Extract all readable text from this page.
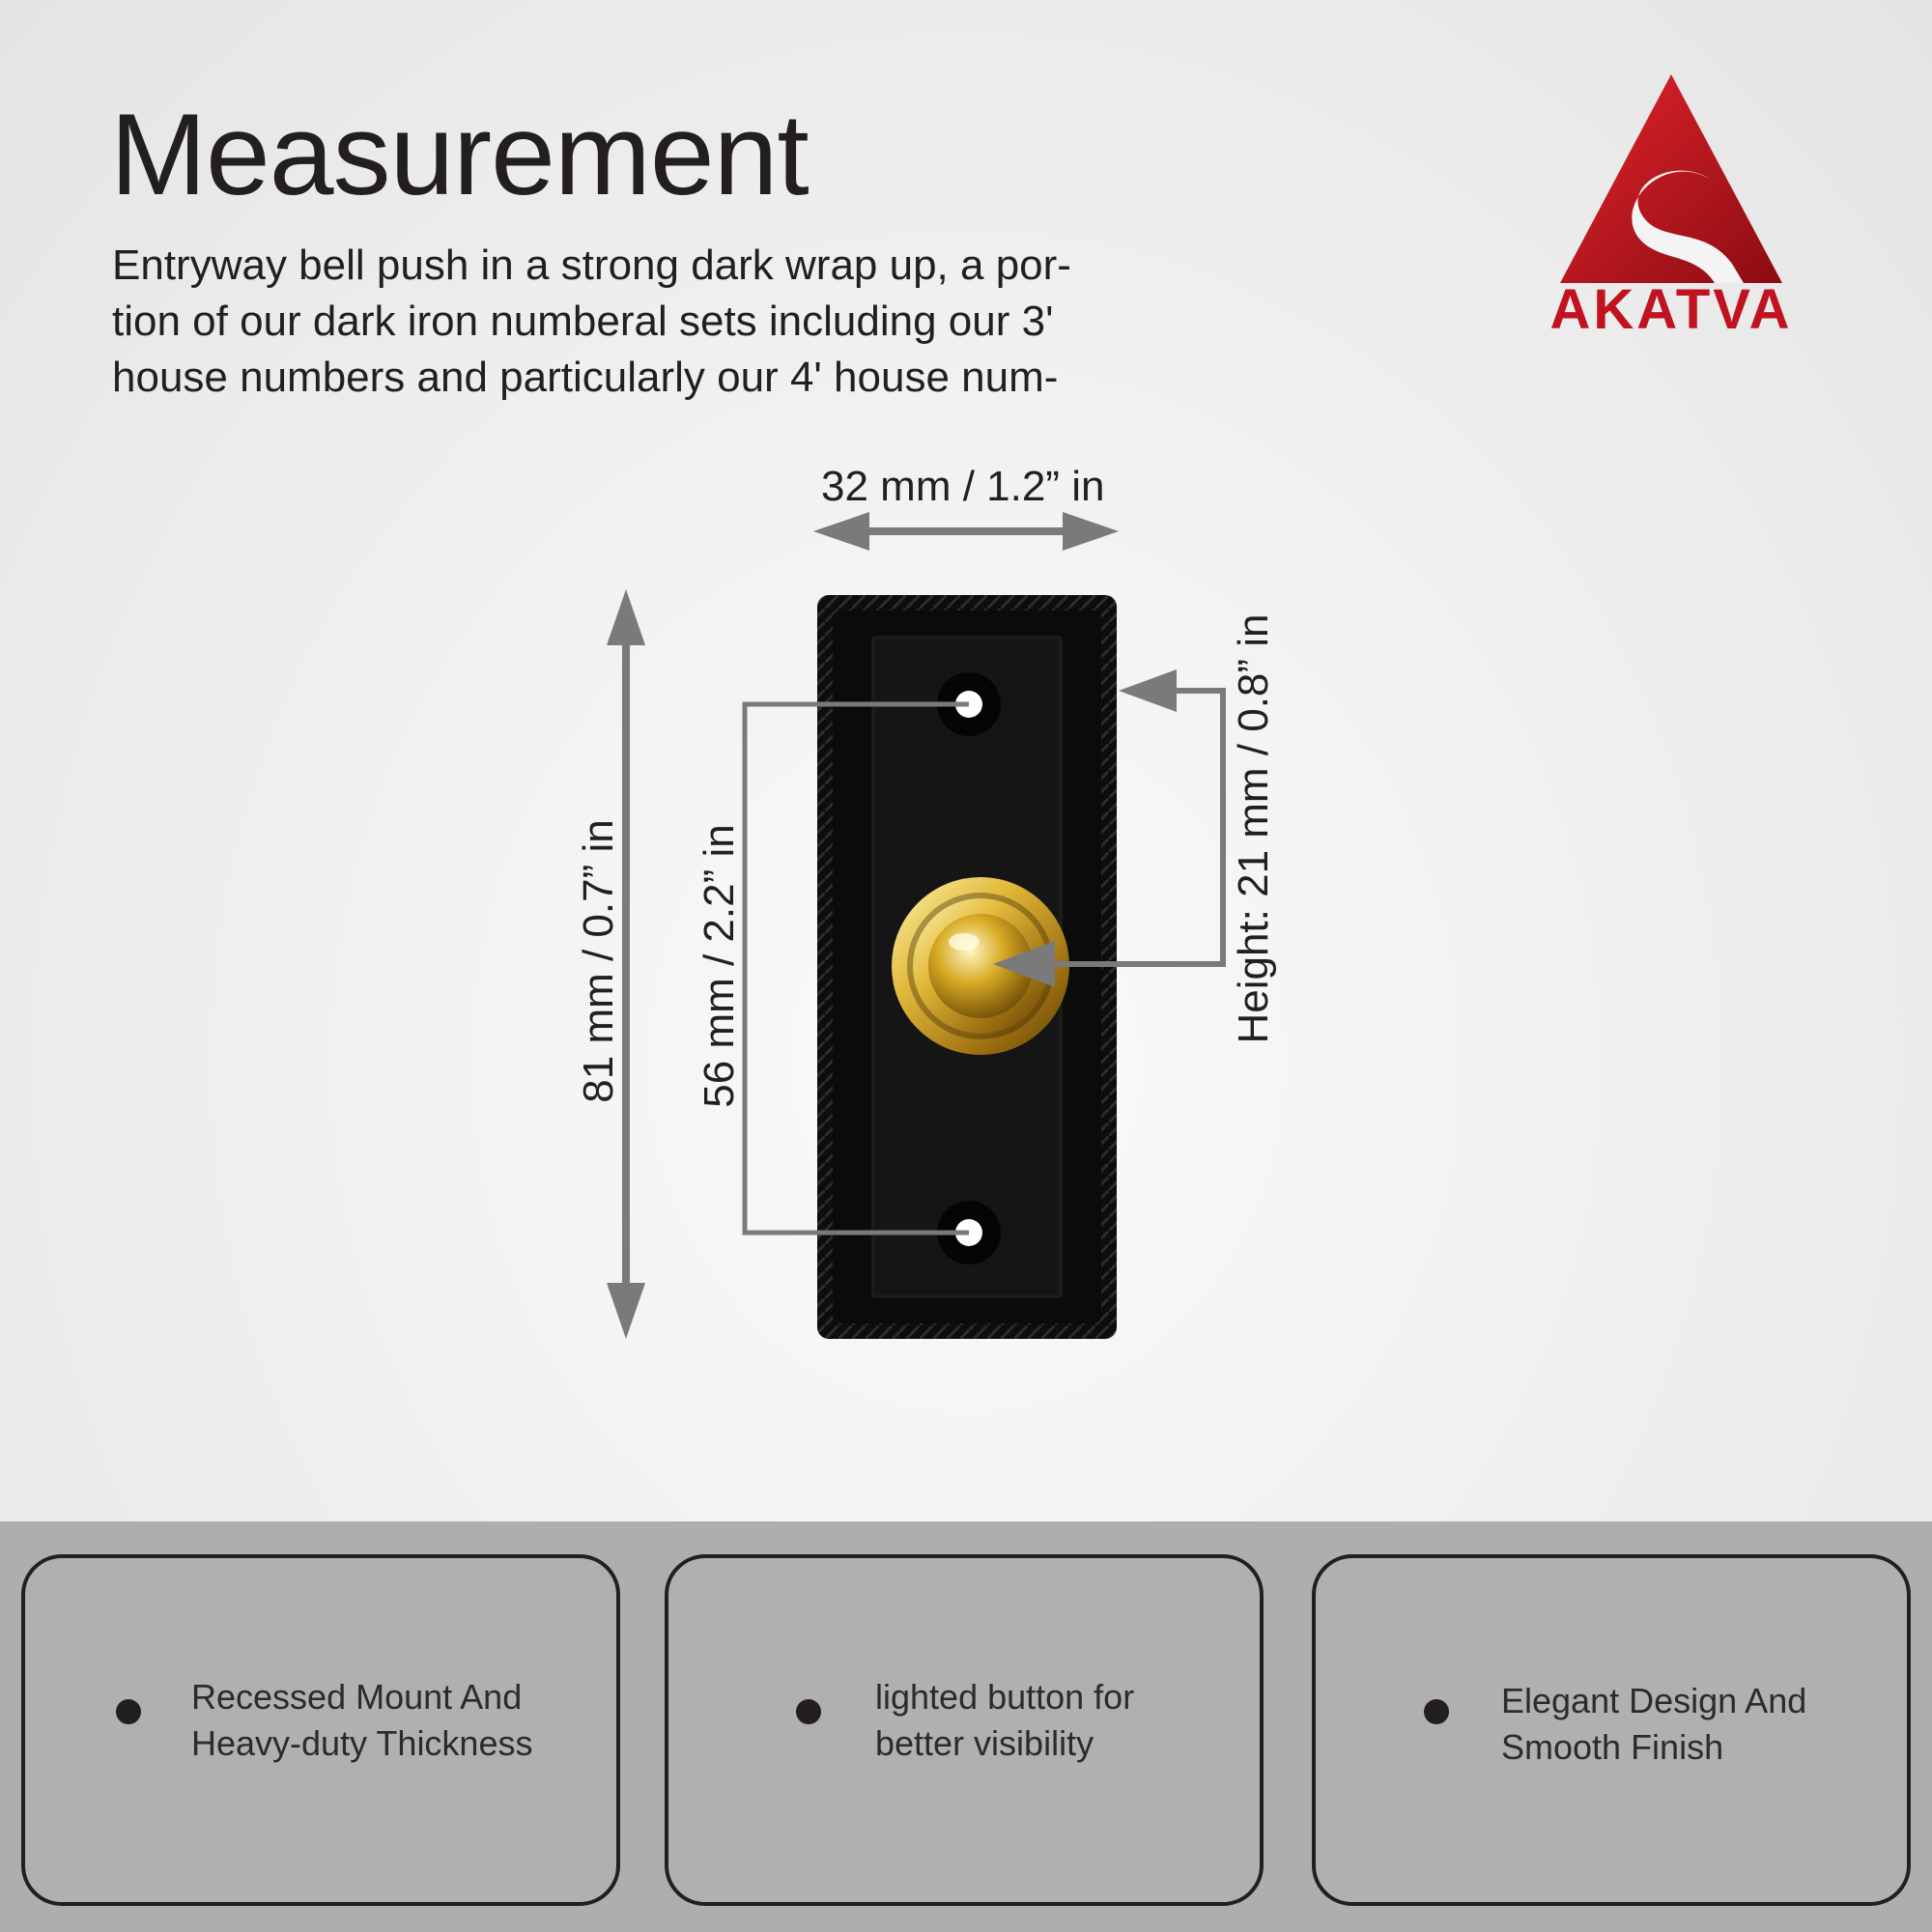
Measurement
Entryway bell push in a strong dark wrap up, a por-
tion of our dark iron numberal sets including our 3'
house numbers and particularly our 4' house num-
AKATVA
32 mm / 1.2” in
81 mm / 0.7” in 56 mm / 2.2” in	Height: 21 mm / 0.8” in
Recessed Mount And
Heavy-duty Thickness
lighted button for
better visibility
Elegant Design And
Smooth Finish
